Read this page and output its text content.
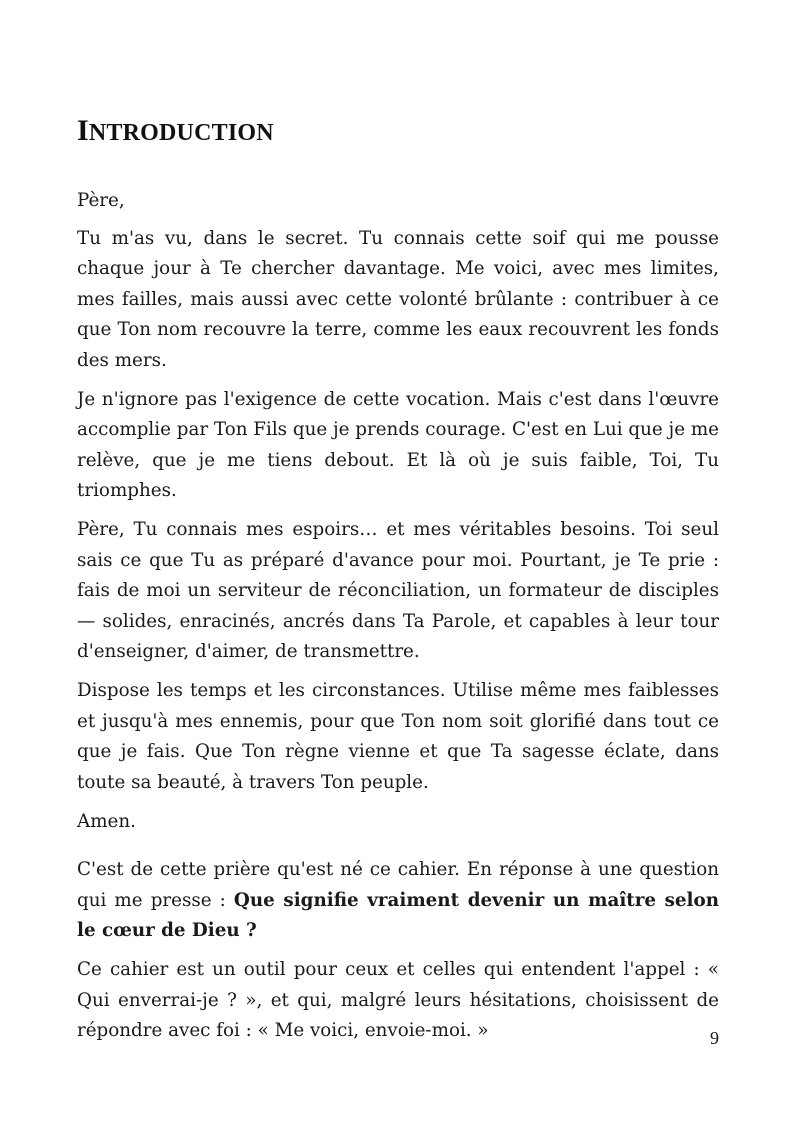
INTRODUCTION

Père,

Tu m'as vu, dans le secret. Tu connais cette soif qui me pousse chaque jour à Te chercher davantage. Me voici, avec mes limites, mes failles, mais aussi avec cette volonté brûlante : contribuer à ce que Ton nom recouvre la terre, comme les eaux recouvrent les fonds des mers.

Je n'ignore pas l'exigence de cette vocation. Mais c'est dans l'œuvre accomplie par Ton Fils que je prends courage. C'est en Lui que je me relève, que je me tiens debout. Et là où je suis faible, Toi, Tu triomphes.

Père, Tu connais mes espoirs… et mes véritables besoins. Toi seul sais ce que Tu as préparé d'avance pour moi. Pourtant, je Te prie : fais de moi un serviteur de réconciliation, un formateur de disciples — solides, enracinés, ancrés dans Ta Parole, et capables à leur tour d'enseigner, d'aimer, de transmettre.

Dispose les temps et les circonstances. Utilise même mes faiblesses et jusqu'à mes ennemis, pour que Ton nom soit glorifié dans tout ce que je fais. Que Ton règne vienne et que Ta sagesse éclate, dans toute sa beauté, à travers Ton peuple.

Amen.

C'est de cette prière qu'est né ce cahier. En réponse à une question qui me presse : Que signifie vraiment devenir un maître selon le cœur de Dieu ?

Ce cahier est un outil pour ceux et celles qui entendent l'appel : « Qui enverrai-je ? », et qui, malgré leurs hésitations, choisissent de répondre avec foi : « Me voici, envoie-moi. »	9
